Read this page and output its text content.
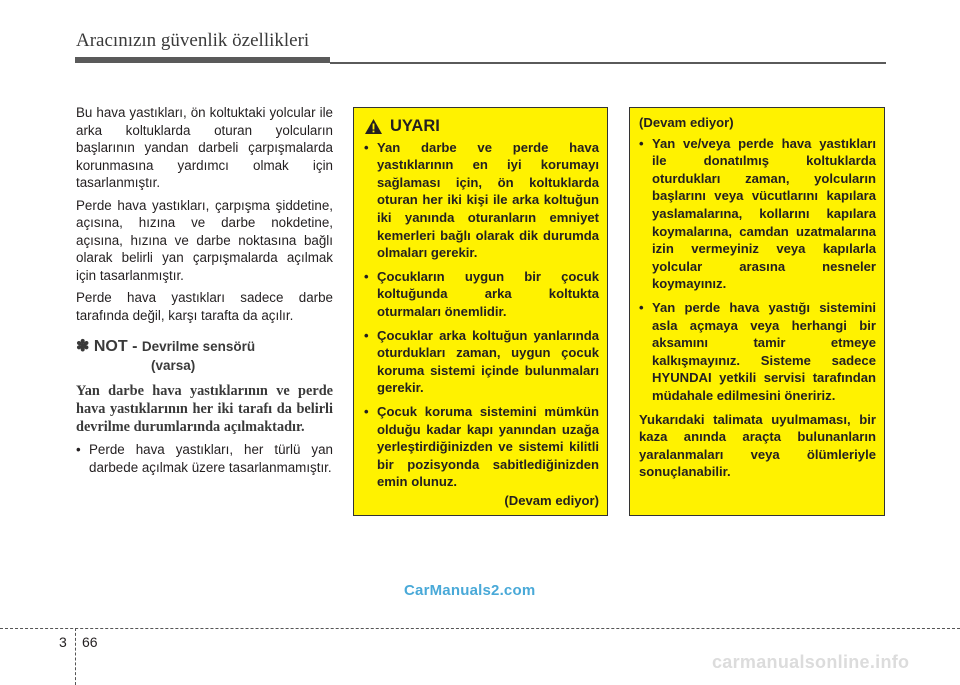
Aracınızın güvenlik özellikleri

Bu hava yastıkları, ön koltuktaki yolcular ile arka koltuklarda oturan yolcuların başlarının yandan darbeli çarpışmalarda korunmasına yardımcı olmak için tasarlanmıştır.

Perde hava yastıkları, çarpışma şiddetine, açısına, hızına ve darbe nokdetine, açısına, hızına ve darbe noktasına bağlı olarak belirli yan çarpışmalarda açılmak için tasarlanmıştır.

Perde hava yastıkları sadece darbe tarafında değil, karşı tarafta da açılır.

✽ NOT - Devrilme sensörü
(varsa)

Yan darbe hava yastıklarının ve perde hava yastıklarının her iki tarafı da belirli devrilme durumlarında açılmaktadır.

• Perde hava yastıkları, her türlü yan darbede açılmak üzere tasarlanmamıştır.
UYARI
• Yan darbe ve perde hava yastıklarının en iyi korumayı sağlaması için, ön koltuklarda oturan her iki kişi ile arka koltuğun iki yanında oturanların emniyet kemerleri bağlı olarak dik durumda olmaları gerekir.
• Çocukların uygun bir çocuk koltuğunda arka koltukta oturmaları önemlidir.
• Çocuklar arka koltuğun yanlarında oturdukları zaman, uygun çocuk koruma sistemi içinde bulunmaları gerekir.
• Çocuk koruma sistemini mümkün olduğu kadar kapı yanından uzağa yerleştirdiğinizden ve sistemi kilitli bir pozisyonda sabitlediğinizden emin olunuz.
(Devam ediyor)
(Devam ediyor)
• Yan ve/veya perde hava yastıkları ile donatılmış koltuklarda oturdukları zaman, yolcuların başlarını veya vücutlarını kapılara yaslamalarına, kollarını kapılara koymalarına, camdan uzatmalarına izin vermeyiniz veya kapılarla yolcular arasına nesneler koymayınız.
• Yan perde hava yastığı sistemini asla açmaya veya herhangi bir aksamını tamir etmeye kalkışmayınız. Sisteme sadece HYUNDAI yetkili servisi tarafından müdahale edilmesini öneririz.

Yukarıdaki talimata uyulmaması, bir kaza anında araçta bulunanların yaralanmaları veya ölümleriyle sonuçlanabilir.

CarManuals2.com
3 66
carmanualsonline.info
